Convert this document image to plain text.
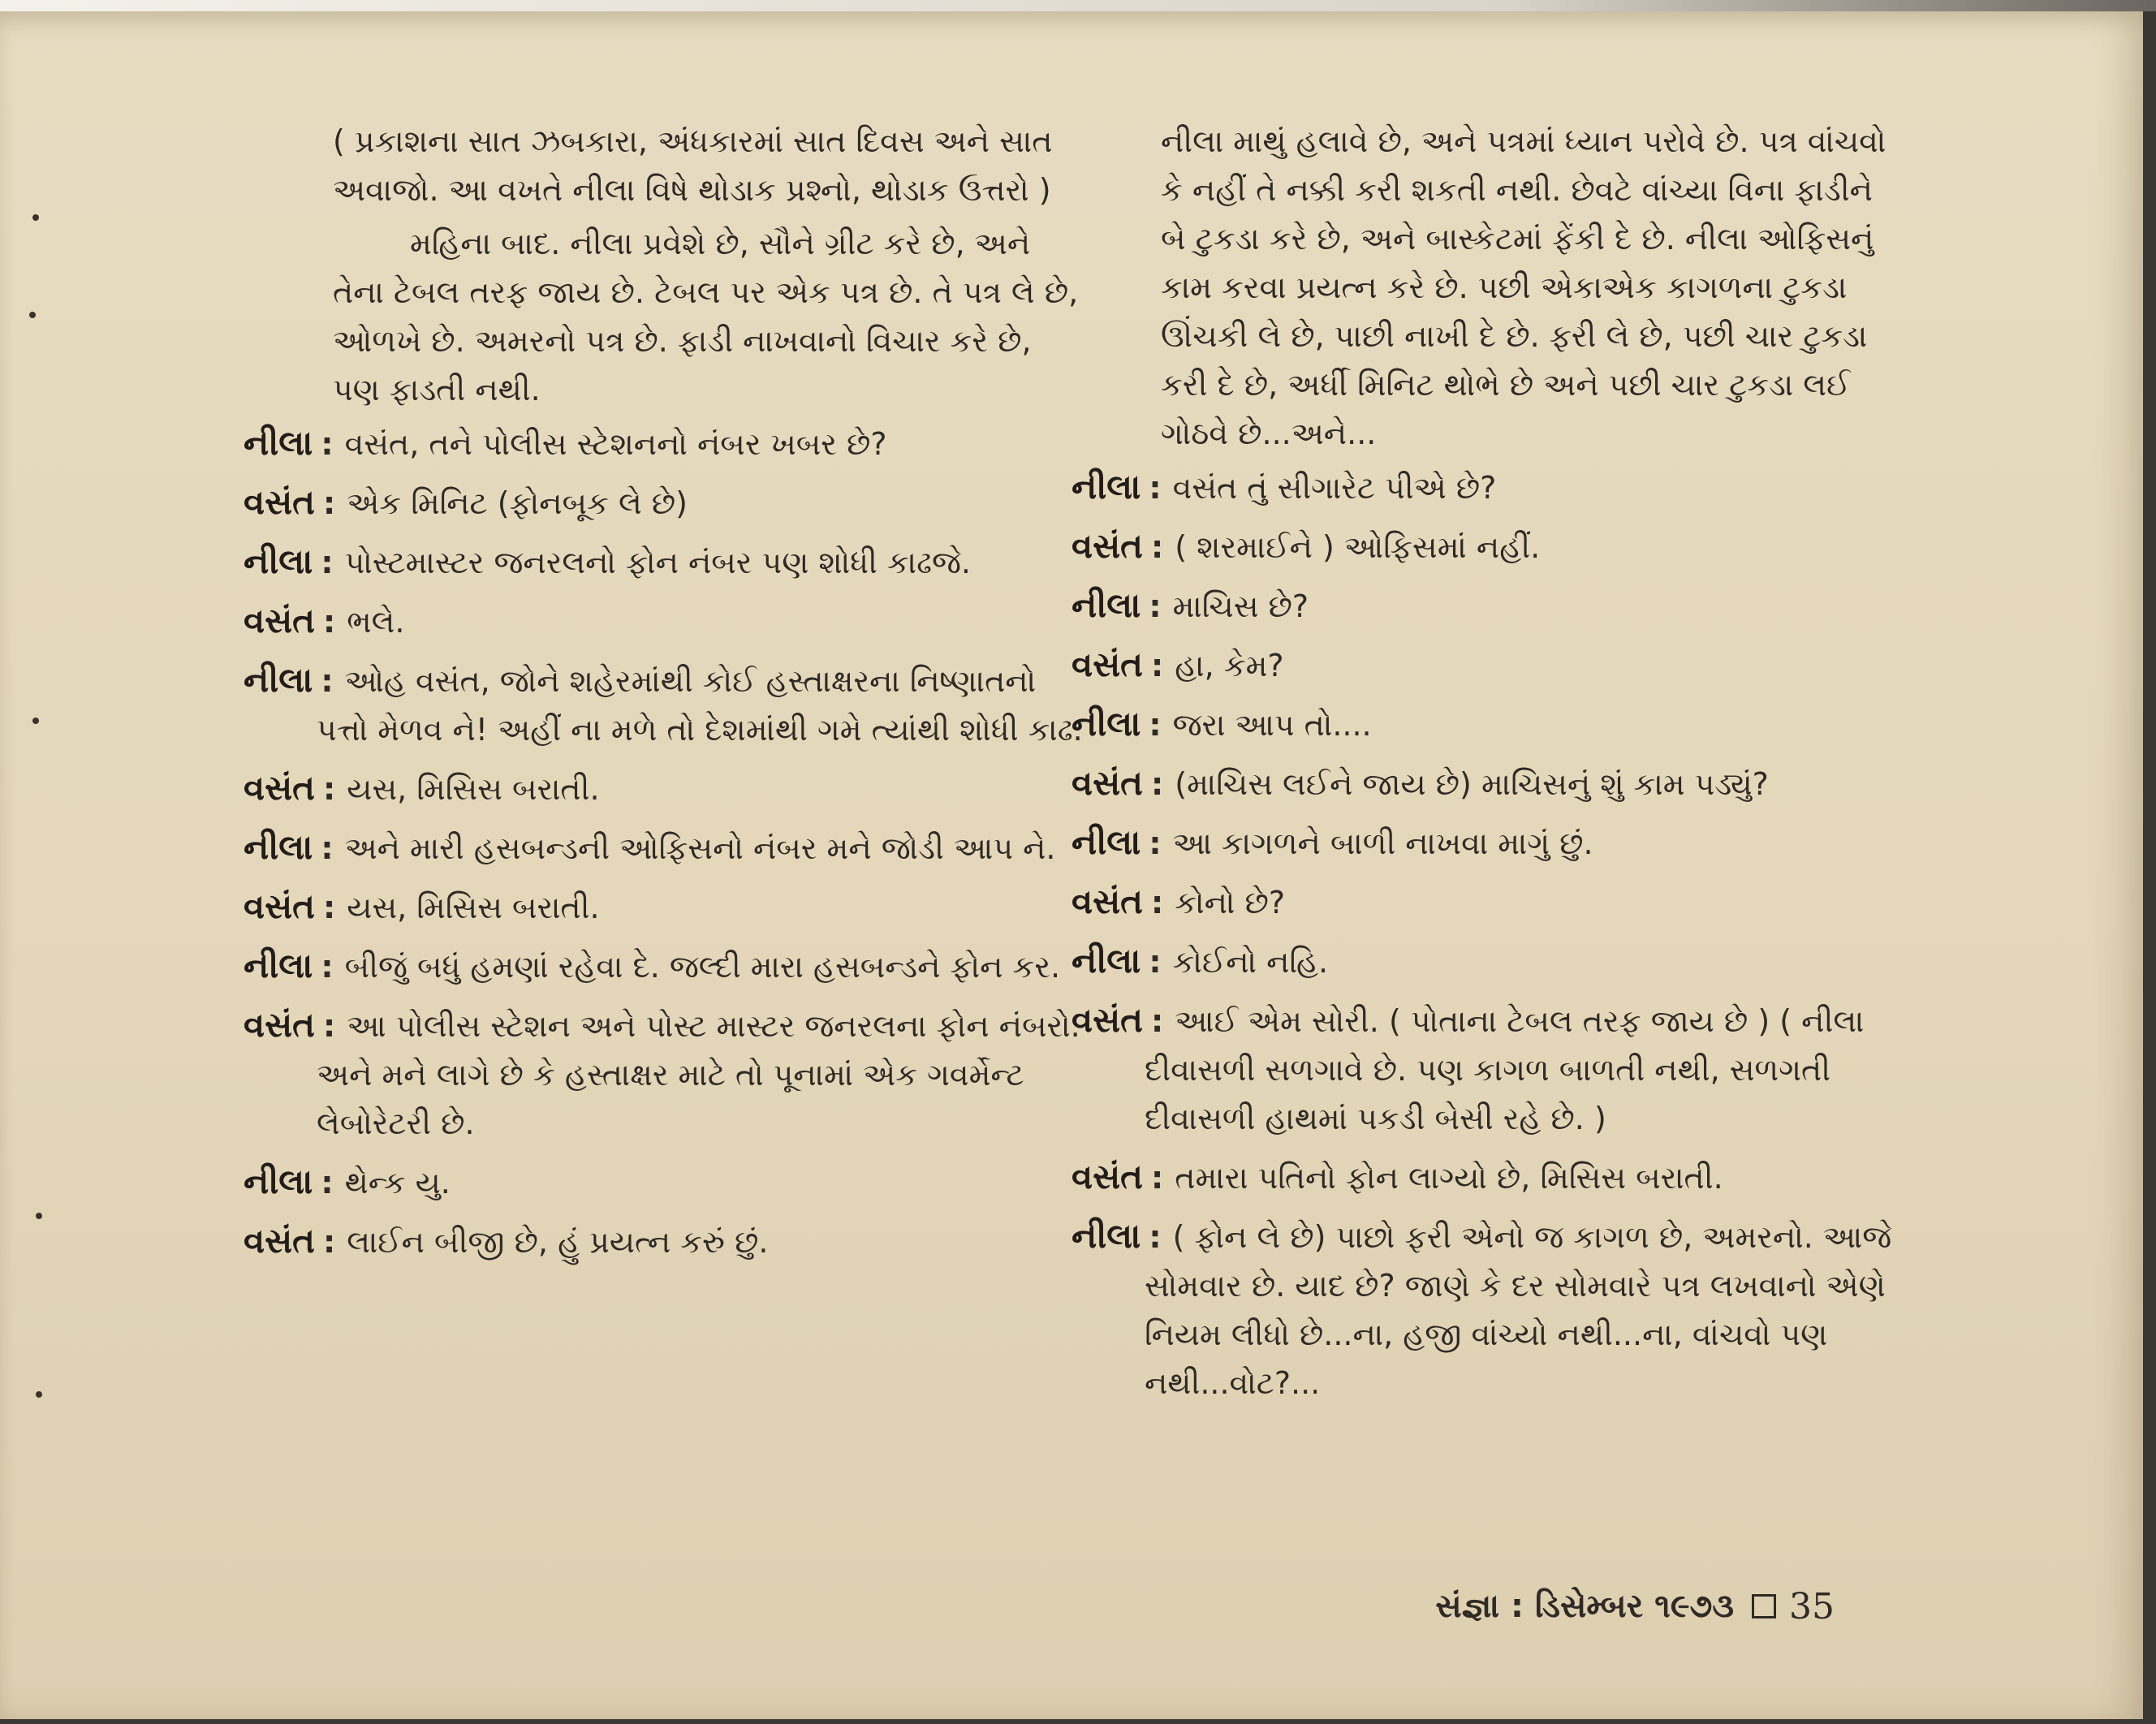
( પ્રકાશના સાત ઝબકારા, અંધકારમાં સાત દિવસ અને સાત અવાજો. આ વખતે નીલા વિષે થોડાક પ્રશ્નો, થોડાક ઉત્તરો )
મહિના બાદ. નીલા પ્રવેશે છે, સૌને ગ્રીટ કરે છે, અને તેના ટેબલ તરફ જાય છે. ટેબલ પર એક પત્ર છે. તે પત્ર લે છે, ઓળખે છે. અમરનો પત્ર છે. ફાડી નાખવાનો વિચાર કરે છે, પણ ફાડતી નથી.
નીલા : વસંત, તને પોલીસ સ્ટેશનનો નંબર ખબર છે?
વસંત : એક મિનિટ (ફોનબૂક લે છે)
નીલા : પોસ્ટમાસ્ટર જનરલનો ફોન નંબર પણ શોધી કાઢજે.
વસંત : ભલે.
નીલા : ઓહ વસંત, જોને શહેરમાંથી કોઈ હસ્તાક્ષરના નિષ્ણાતનો પત્તો મેળવ ને! અહીં ના મળે તો દેશમાંથી ગમે ત્યાંથી શોધી કાઢ.
વસંત : યસ, મિસિસ બરાતી.
નીલા : અને મારી હસબન્ડની ઓફિસનો નંબર મને જોડી આપ ને.
વસંત : યસ, મિસિસ બરાતી.
નીલા : બીજું બધું હમણાં રહેવા દે. જલ્દી મારા હસબન્ડને ફોન કર.
વસંત : આ પોલીસ સ્ટેશન અને પોસ્ટ માસ્ટર જનરલના ફોન નંબરો. અને મને લાગે છે કે હસ્તાક્ષર માટે તો પૂનામાં એક ગવર્મેન્ટ લેબોરેટરી છે.
નીલા : થેન્ક યુ.
વસંત : લાઈન બીજી છે, હું પ્રયત્ન કરું છું.
નીલા માથું હલાવે છે, અને પત્રમાં ધ્યાન પરોવે છે. પત્ર વાંચવો કે નહીં તે નક્કી કરી શકતી નથી. છેવટે વાંચ્યા વિના ફાડીને બે ટુકડા કરે છે, અને બાસ્કેટમાં ફેંકી દે છે. નીલા ઓફિસનું કામ કરવા પ્રયત્ન કરે છે. પછી એકાએક કાગળના ટુકડા ઊંચકી લે છે, પાછી નાખી દે છે. ફરી લે છે, પછી ચાર ટુકડા કરી દે છે, અર્ધી મિનિટ થોભે છે અને પછી ચાર ટુકડા લઈ ગોઠવે છે...અને...
નીલા : વસંત તું સીગારેટ પીએ છે?
વસંત : ( શરમાઈને ) ઓફિસમાં નહીં.
નીલા : માચિસ છે?
વસંત : હા, કેમ?
નીલા : જરા આપ તો....
વસંત : (માચિસ લઈને જાય છે) માચિસનું શું કામ પડ્યું?
નીલા : આ કાગળને બાળી નાખવા માગું છું.
વસંત : કોનો છે?
નીલા : કોઈનો નહિ.
વસંત : આઈ એમ સોરી. ( પોતાના ટેબલ તરફ જાય છે ) ( નીલા દીવાસળી સળગાવે છે. પણ કાગળ બાળતી નથી, સળગતી દીવાસળી હાથમાં પકડી બેસી રહે છે. )
વસંત : તમારા પતિનો ફોન લાગ્યો છે, મિસિસ બરાતી.
નીલા : ( ફોન લે છે) પાછો ફરી એનો જ કાગળ છે, અમરનો. આજે સોમવાર છે. યાદ છે? જાણે કે દર સોમવારે પત્ર લખવાનો એણે નિયમ લીધો છે...ના, હજી વાંચ્યો નથી...ના, વાંચવો પણ નથી...વોટ?...
સંજ્ઞા : ડિસેમ્બર ૧૯૭૩ 35
